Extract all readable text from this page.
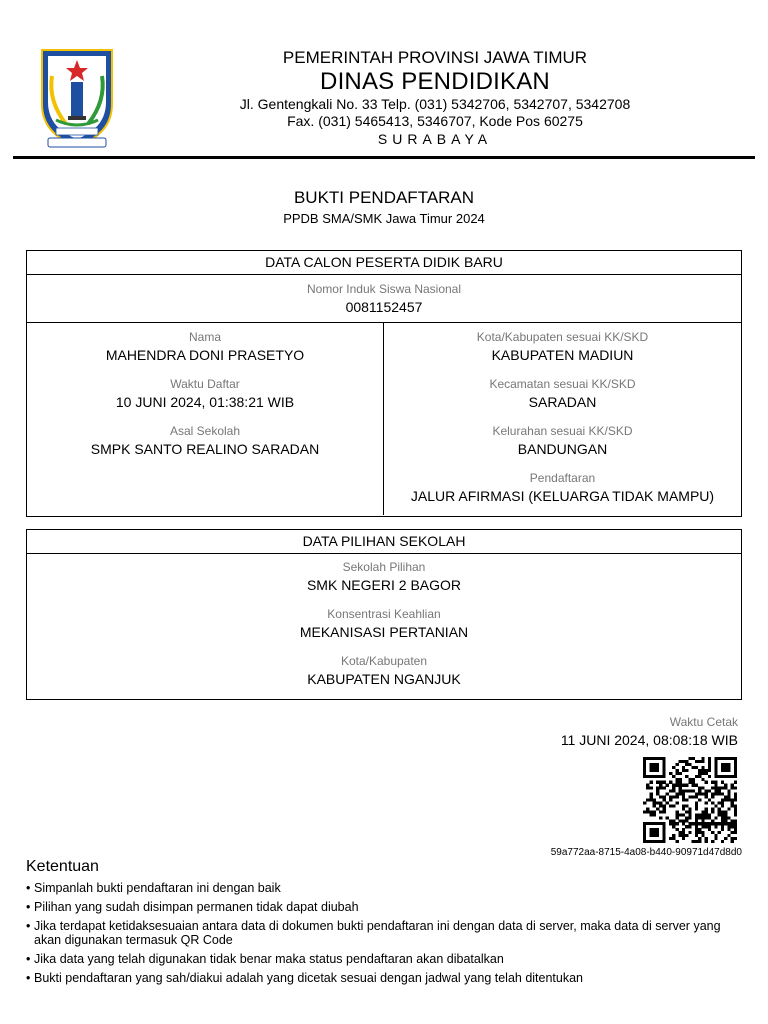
PEMERINTAH PROVINSI JAWA TIMUR
DINAS PENDIDIKAN
Jl. Gentengkali No. 33 Telp. (031) 5342706, 5342707, 5342708
Fax. (031) 5465413, 5346707, Kode Pos 60275
SURABAYA
BUKTI PENDAFTARAN
PPDB SMA/SMK Jawa Timur 2024
DATA CALON PESERTA DIDIK BARU
Nomor Induk Siswa Nasional
0081152457
Nama
MAHENDRA DONI PRASETYO
Waktu Daftar
10 JUNI 2024, 01:38:21 WIB
Asal Sekolah
SMPK SANTO REALINO SARADAN
Kota/Kabupaten sesuai KK/SKD
KABUPATEN MADIUN
Kecamatan sesuai KK/SKD
SARADAN
Kelurahan sesuai KK/SKD
BANDUNGAN
Pendaftaran
JALUR AFIRMASI (KELUARGA TIDAK MAMPU)
DATA PILIHAN SEKOLAH
Sekolah Pilihan
SMK NEGERI 2 BAGOR
Konsentrasi Keahlian
MEKANISASI PERTANIAN
Kota/Kabupaten
KABUPATEN NGANJUK
Waktu Cetak
11 JUNI 2024, 08:08:18 WIB
59a772aa-8715-4a08-b440-90971d47d8d0
Ketentuan
• Simpanlah bukti pendaftaran ini dengan baik
• Pilihan yang sudah disimpan permanen tidak dapat diubah
• Jika terdapat ketidaksesuaian antara data di dokumen bukti pendaftaran ini dengan data di server, maka data di server yang akan digunakan termasuk QR Code
• Jika data yang telah digunakan tidak benar maka status pendaftaran akan dibatalkan
• Bukti pendaftaran yang sah/diakui adalah yang dicetak sesuai dengan jadwal yang telah ditentukan
